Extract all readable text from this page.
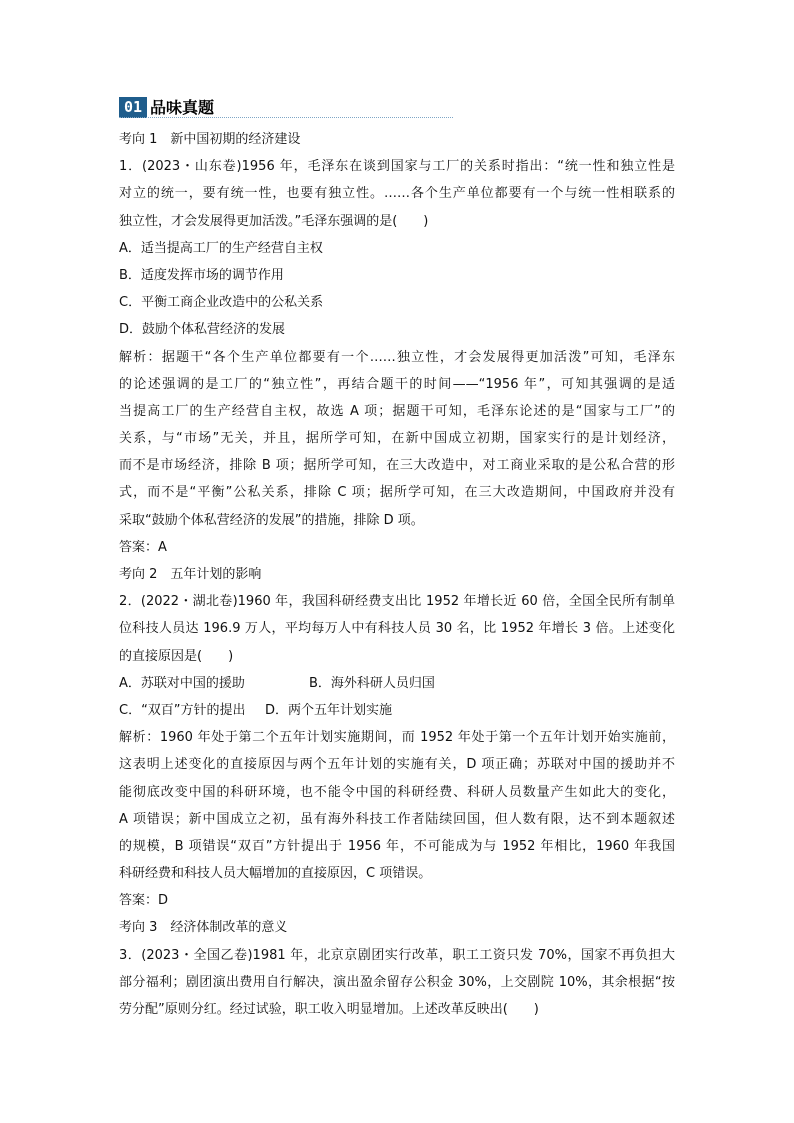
01 品味真题
考向 1　新中国初期的经济建设
1．(2023・山东卷)1956 年，毛泽东在谈到国家与工厂的关系时指出：“统一性和独立性是
对立的统一，要有统一性，也要有独立性。……各个生产单位都要有一个与统一性相联系的
独立性，才会发展得更加活泼。”毛泽东强调的是(　　)
A．适当提高工厂的生产经营自主权
B．适度发挥市场的调节作用
C．平衡工商企业改造中的公私关系
D．鼓励个体私营经济的发展
解析：据题干“各个生产单位都要有一个……独立性，才会发展得更加活泼”可知，毛泽东
的论述强调的是工厂的“独立性”，再结合题干的时间——“1956 年”，可知其强调的是适
当提高工厂的生产经营自主权，故选 A 项；据题干可知，毛泽东论述的是“国家与工厂”的
关系，与“市场”无关，并且，据所学可知，在新中国成立初期，国家实行的是计划经济，
而不是市场经济，排除 B 项；据所学可知，在三大改造中，对工商业采取的是公私合营的形
式，而不是“平衡”公私关系，排除 C 项；据所学可知，在三大改造期间，中国政府并没有
采取“鼓励个体私营经济的发展”的措施，排除 D 项。
答案：A
考向 2　五年计划的影响
2．(2022・湖北卷)1960 年，我国科研经费支出比 1952 年增长近 60 倍，全国全民所有制单
位科技人员达 196.9 万人，平均每万人中有科技人员 30 名，比 1952 年增长 3 倍。上述变化
的直接原因是(　　)
A．苏联对中国的援助	B．海外科研人员归国
C．“双百”方针的提出	D．两个五年计划实施
解析：1960 年处于第二个五年计划实施期间，而 1952 年处于第一个五年计划开始实施前，
这表明上述变化的直接原因与两个五年计划的实施有关，D 项正确；苏联对中国的援助并不
能彻底改变中国的科研环境，也不能令中国的科研经费、科研人员数量产生如此大的变化，
A 项错误；新中国成立之初，虽有海外科技工作者陆续回国，但人数有限，达不到本题叙述
的规模，B 项错误“双百”方针提出于 1956 年，不可能成为与 1952 年相比，1960 年我国
科研经费和科技人员大幅增加的直接原因，C 项错误。
答案：D
考向 3　经济体制改革的意义
3．(2023・全国乙卷)1981 年，北京京剧团实行改革，职工工资只发 70%，国家不再负担大
部分福利；剧团演出费用自行解决，演出盈余留存公积金 30%，上交剧院 10%，其余根据“按
劳分配”原则分红。经过试验，职工收入明显增加。上述改革反映出(　　)
